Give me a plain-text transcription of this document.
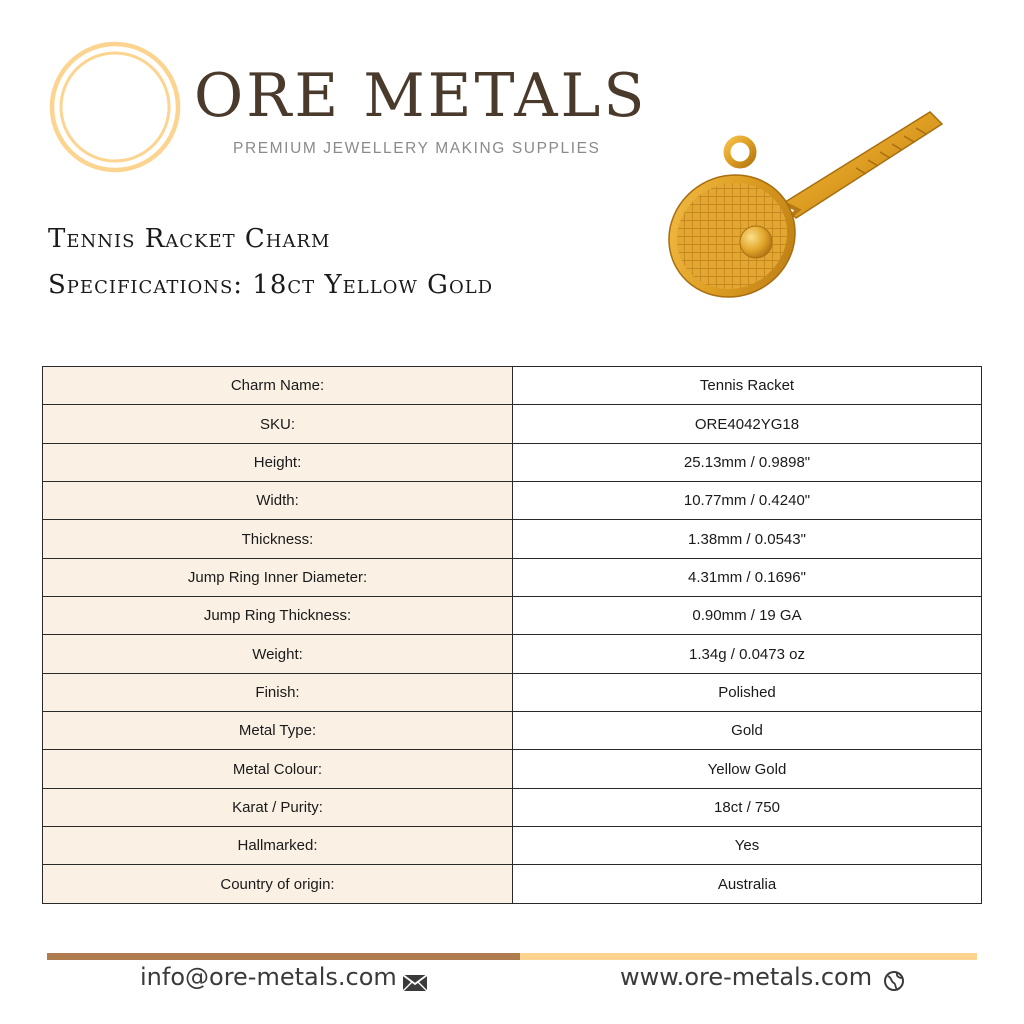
ORE METALS
PREMIUM JEWELLERY MAKING SUPPLIES
Tennis Racket Charm
Specifications: 18ct Yellow Gold
Charm Name:	Tennis Racket
SKU:	ORE4042YG18
Height:	25.13mm / 0.9898"
Width:	10.77mm / 0.4240"
Thickness:	1.38mm / 0.0543"
Jump Ring Inner Diameter:	4.31mm / 0.1696"
Jump Ring Thickness:	0.90mm / 19 GA
Weight:	1.34g / 0.0473 oz
Finish:	Polished
Metal Type:	Gold
Metal Colour:	Yellow Gold
Karat / Purity:	18ct / 750
Hallmarked:	Yes
Country of origin:	Australia
info@ore-metals.com	www.ore-metals.com
